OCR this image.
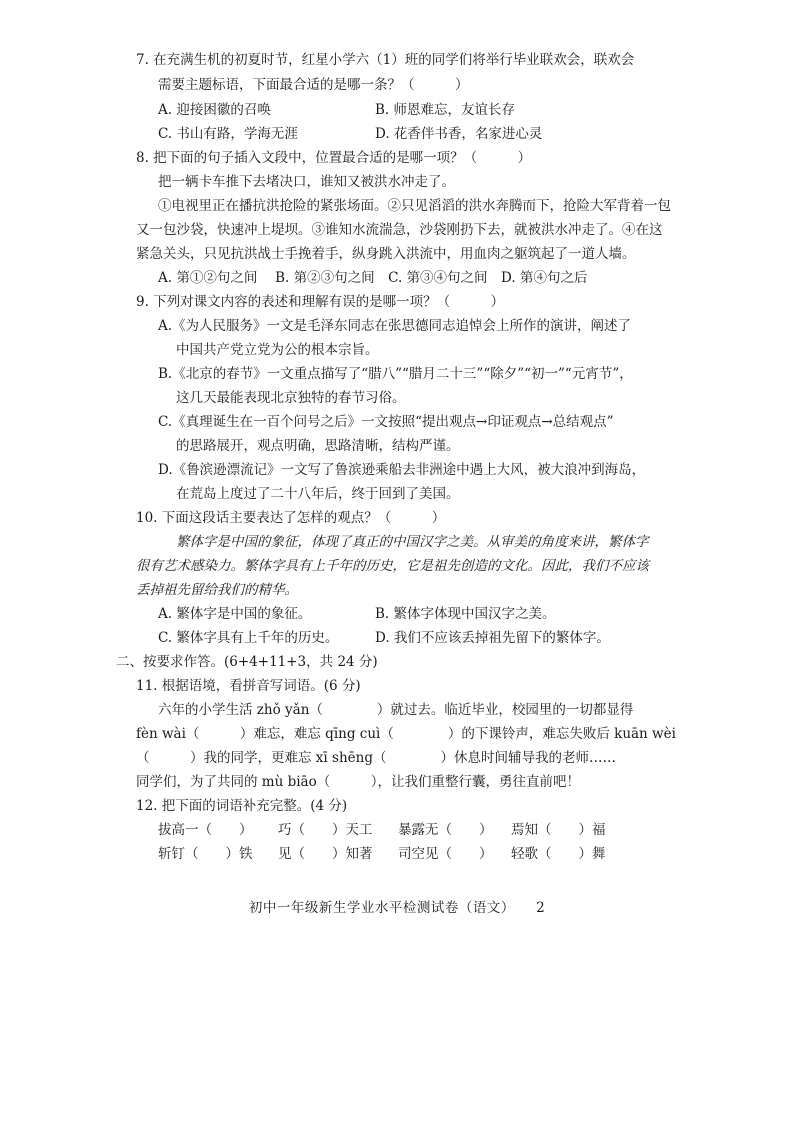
7. 在充满生机的初夏时节，红星小学六（1）班的同学们将举行毕业联欢会，联欢会
需要主题标语，下面最合适的是哪一条？（　　　）
A. 迎接困徽的召唤	B. 师恩难忘，友谊长存
C. 书山有路，学海无涯	D. 花香伴书香，名家进心灵
8. 把下面的句子插入文段中，位置最合适的是哪一项？（　　　）
把一辆卡车推下去堵决口，谁知又被洪水冲走了。
①电视里正在播抗洪抢险的紧张场面。②只见滔滔的洪水奔腾而下，抢险大军背着一包
又一包沙袋，快速冲上堤坝。③谁知水流湍急，沙袋刚扔下去，就被洪水冲走了。④在这
紧急关头，只见抗洪战士手挽着手，纵身跳入洪流中，用血肉之躯筑起了一道人墙。
A. 第①②句之间　 B. 第②③句之间　C. 第③④句之间　D. 第④句之后
9. 下列对课文内容的表述和理解有误的是哪一项？（　　　）
A.《为人民服务》一文是毛泽东同志在张思德同志追悼会上所作的演讲，阐述了
中国共产党立党为公的根本宗旨。
B.《北京的春节》一文重点描写了“腊八”“腊月二十三”“除夕”“初一”“元宵节”，
这几天最能表现北京独特的春节习俗。
C.《真理诞生在一百个问号之后》一文按照“提出观点→印证观点→总结观点”
的思路展开，观点明确，思路清晰，结构严谨。
D.《鲁滨逊漂流记》一文写了鲁滨逊乘船去非洲途中遇上大风，被大浪冲到海岛，
在荒岛上度过了二十八年后，终于回到了美国。
10. 下面这段话主要表达了怎样的观点？（　　　）
繁体字是中国的象征，体现了真正的中国汉字之美。从审美的角度来讲，繁体字
很有艺术感染力。繁体字具有上千年的历史，它是祖先创造的文化。因此，我们不应该
丢掉祖先留给我们的精华。
A. 繁体字是中国的象征。	B. 繁体字体现中国汉字之美。
C. 繁体字具有上千年的历史。	D. 我们不应该丢掉祖先留下的繁体字。
二、按要求作答。(6+4+11+3，共 24 分)
11. 根据语境，看拼音写词语。(6 分)
六年的小学生活 zhǒ yǎn（　　　　）就过去。临近毕业，校园里的一切都显得
fèn wài（　　　）难忘，难忘 qīng cuì（　　　　）的下课铃声，难忘失败后 kuān wèi
（　　　）我的同学，更难忘 xī shēng（　　　　）休息时间辅导我的老师……
同学们，为了共同的 mù biāo（　　　），让我们重整行囊，勇往直前吧！
12. 把下面的词语补充完整。(4 分)
拔高一（　　） 巧（　　）天工 暴露无（　　） 焉知（　　）福
斩钉（　　）铁 见（　　）知著 司空见（　　） 轻歌（　　）舞
初中一年级新生学业水平检测试卷（语文）　　2
